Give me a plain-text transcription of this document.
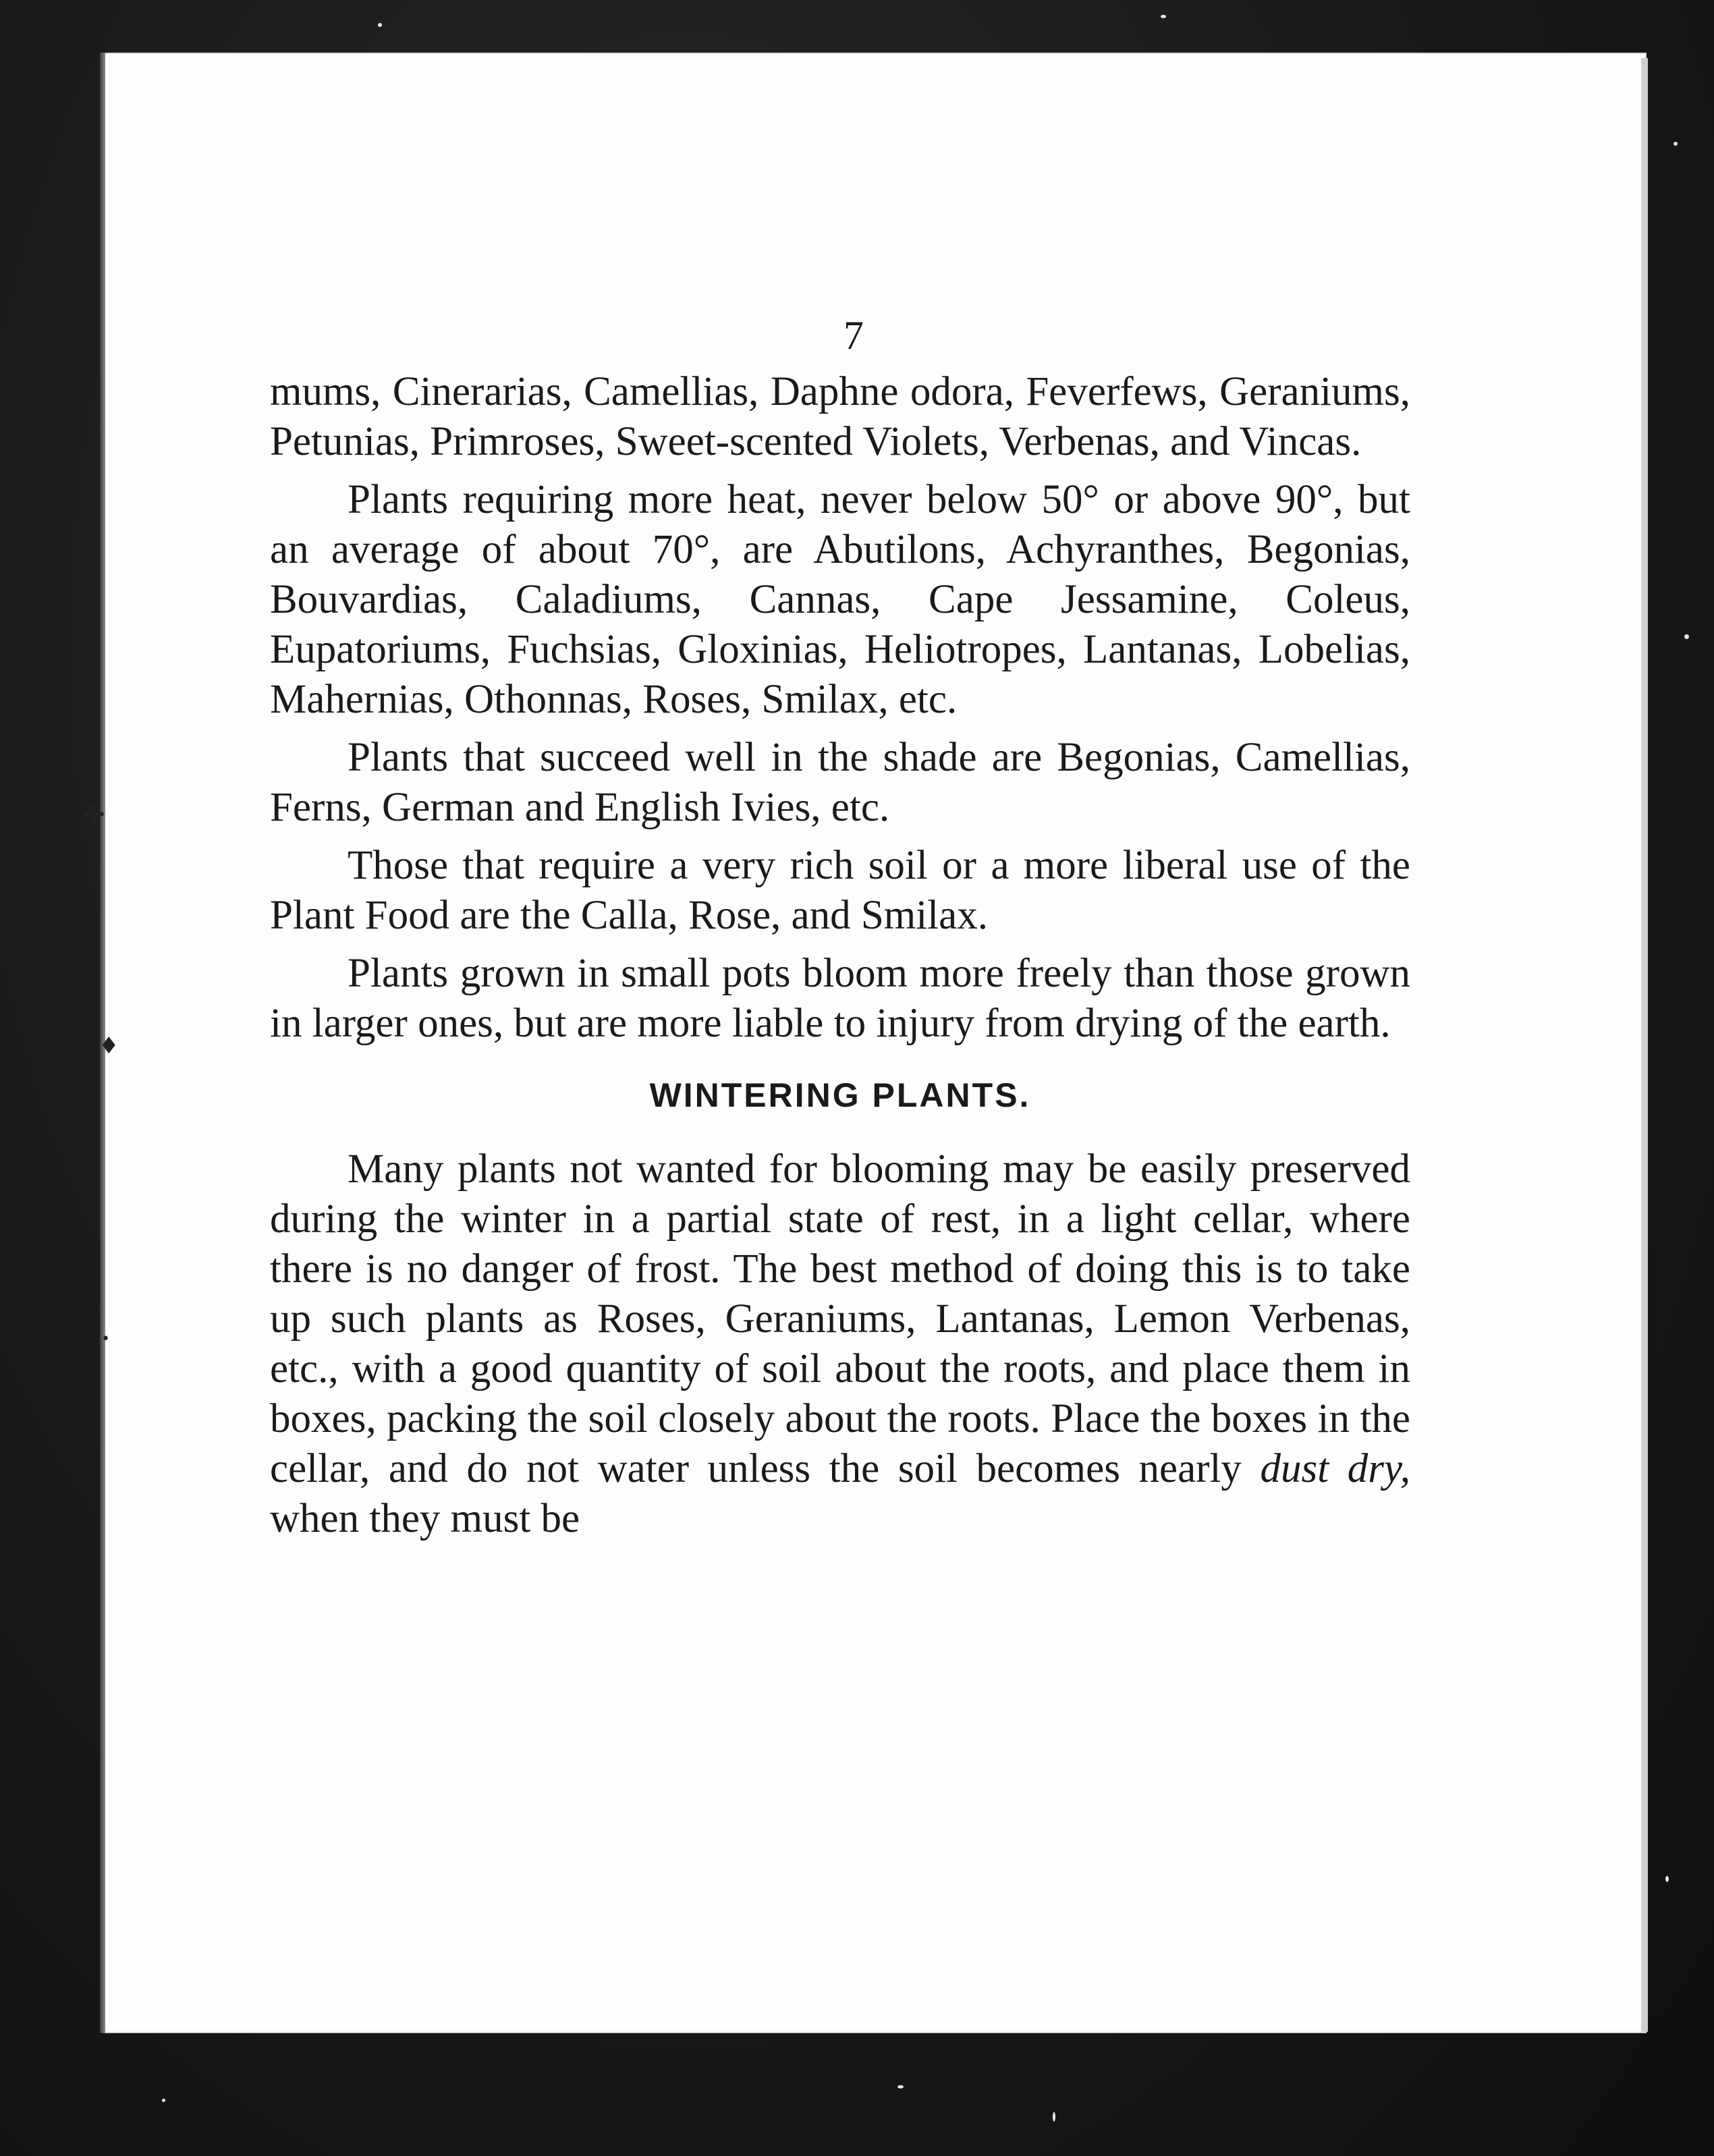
✢
♦
•
7

mums, Cinerarias, Camellias, Daphne odora, Feverfews, Geraniums, Petunias, Primroses, Sweet-scented Violets, Verbenas, and Vincas.

Plants requiring more heat, never below 50° or above 90°, but an average of about 70°, are Abutilons, Achyranthes, Begonias, Bouvardias, Caladiums, Cannas, Cape Jessamine, Coleus, Eupatoriums, Fuchsias, Gloxinias, Heliotropes, Lantanas, Lobelias, Mahernias, Othonnas, Roses, Smilax, etc.

Plants that succeed well in the shade are Begonias, Camellias, Ferns, German and English Ivies, etc.

Those that require a very rich soil or a more liberal use of the Plant Food are the Calla, Rose, and Smilax.

Plants grown in small pots bloom more freely than those grown in larger ones, but are more liable to injury from drying of the earth.

WINTERING PLANTS.

Many plants not wanted for blooming may be easily preserved during the winter in a partial state of rest, in a light cellar, where there is no danger of frost. The best method of doing this is to take up such plants as Roses, Geraniums, Lantanas, Lemon Verbenas, etc., with a good quantity of soil about the roots, and place them in boxes, packing the soil closely about the roots. Place the boxes in the cellar, and do not water unless the soil becomes nearly dust dry, when they must be
